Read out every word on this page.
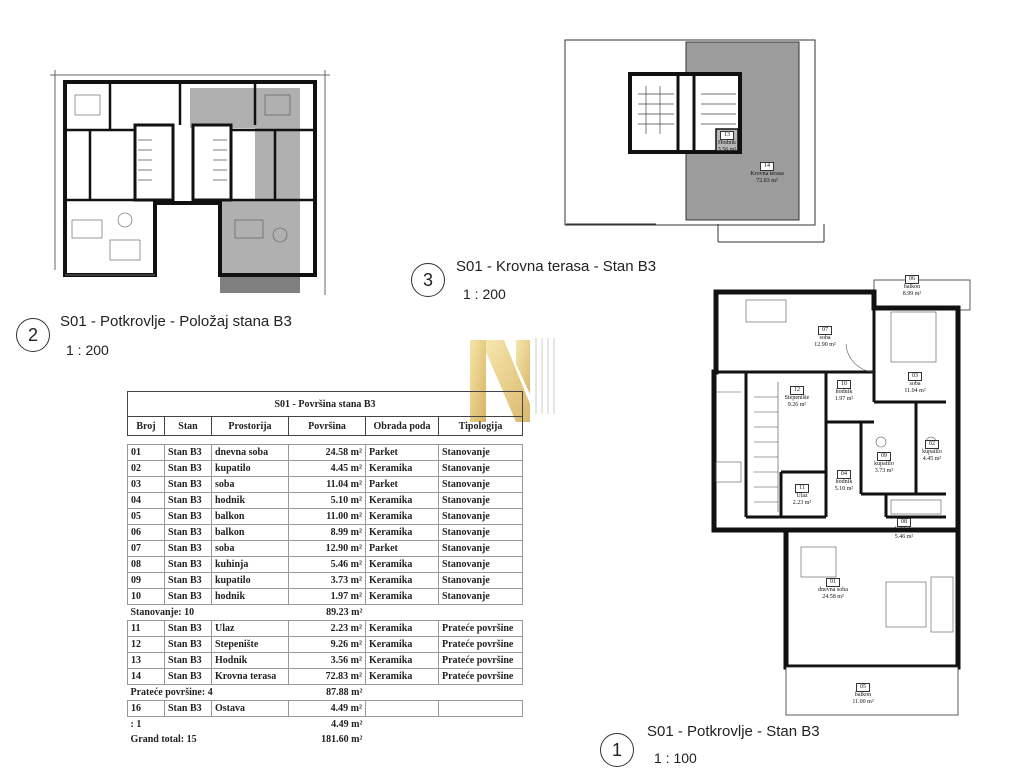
2
S01 - Potkrovlje - Položaj stana B3
1 : 200
13
Hodnik
3.56 m²
14
Krovna terasa
72.83 m²
3
S01 - Krovna terasa - Stan B3
1 : 200
S01 - Površina stana B3					
Broj	Stan	Prostorija	Površina	Obrada poda	Tipologija

01	Stan B3	dnevna soba	24.58 m²	Parket	Stanovanje
02	Stan B3	kupatilo	4.45 m²	Keramika	Stanovanje
03	Stan B3	soba	11.04 m²	Parket	Stanovanje
04	Stan B3	hodnik	5.10 m²	Keramika	Stanovanje
05	Stan B3	balkon	11.00 m²	Keramika	Stanovanje
06	Stan B3	balkon	8.99 m²	Keramika	Stanovanje
07	Stan B3	soba	12.90 m²	Parket	Stanovanje
08	Stan B3	kuhinja	5.46 m²	Keramika	Stanovanje
09	Stan B3	kupatilo	3.73 m²	Keramika	Stanovanje
10	Stan B3	hodnik	1.97 m²	Keramika	Stanovanje
Stanovanje: 10			89.23 m²		
11	Stan B3	Ulaz	2.23 m²	Keramika	Prateće površine
12	Stan B3	Stepenište	9.26 m²	Keramika	Prateće površine
13	Stan B3	Hodnik	3.56 m²	Keramika	Prateće površine
14	Stan B3	Krovna terasa	72.83 m²	Keramika	Prateće površine
Prateće površine: 4			87.88 m²		
16	Stan B3	Ostava	4.49 m²		
: 1			4.49 m²		
Grand total: 15			181.60 m²		
06
balkon
8.99 m²
07
soba
12.90 m²
03
soba
11.04 m²
12
Stepenište
9.26 m²
10
hodnik
1.97 m²
09
kupatilo
3.73 m²
02
kupatilo
4.45 m²
04
hodnik
5.10 m²
11
Ulaz
2.23 m²
08
kuhinja
5.46 m²
01
dnevna soba
24.58 m²
05
balkon
11.00 m²
1
S01 - Potkrovlje - Stan B3
1 : 100
